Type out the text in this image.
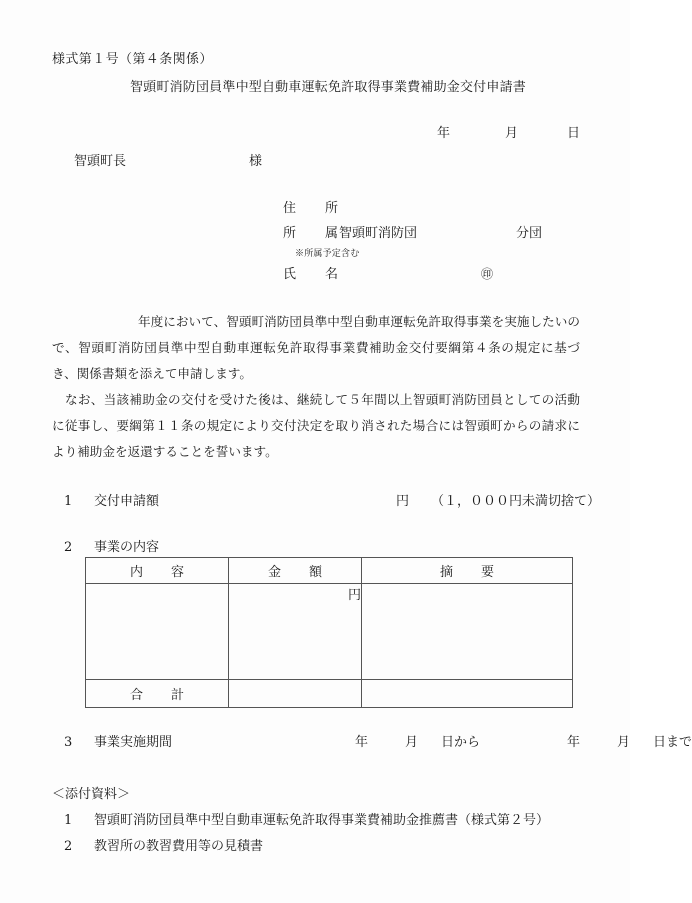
様式第１号（第４条関係）
智頭町消防団員準中型自動車運転免許取得事業費補助金交付申請書
年	月	日
智頭町長	様
住　所
所　属智頭町消防団	分団
※所属予定含む
氏　名	㊞
年度において、智頭町消防団員準中型自動車運転免許取得事業を実施したいので、智頭町消防団員準中型自動車運転免許取得事業費補助金交付要綱第４条の規定に基づき、関係書類を添えて申請します。
なお、当該補助金の交付を受けた後は、継続して５年間以上智頭町消防団員としての活動に従事し、要綱第１１条の規定により交付決定を取り消された場合には智頭町からの請求により補助金を返還することを誓います。
1 交付申請額	円 （１，０００円未満切捨て）
2 事業の内容
内容	金額	摘要
	円	
合計		
3 事業実施期間	年	月 日から	年	月 日まで
＜添付資料＞
1 智頭町消防団員準中型自動車運転免許取得事業費補助金推薦書（様式第２号）
2 教習所の教習費用等の見積書
